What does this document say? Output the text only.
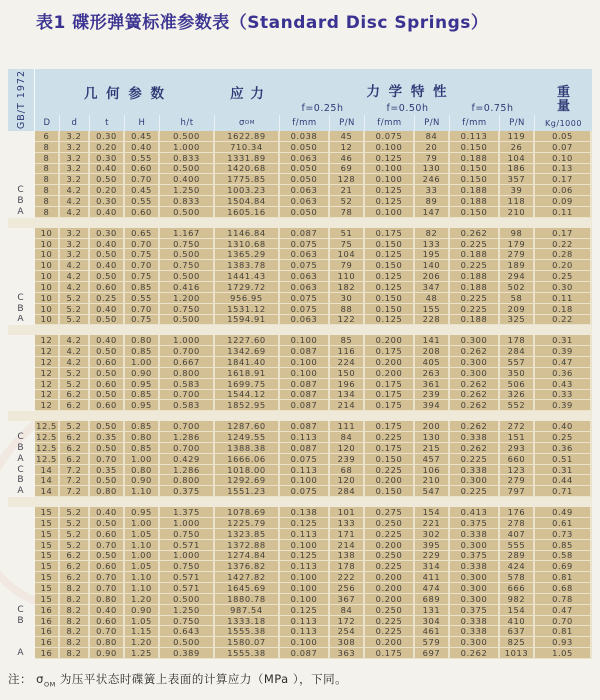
表1 碟形弹簧标准参数表（Standard Disc Springs）
GB/T 1972	几 何 参 数	应 力	力 学 特 性	重
量
f=0.25h	f=0.50h	f=0.75h
D	d	t	H	h/t	σ OM	f/mm	P/N	f/mm	P/N	f/mm	P/N	Kg/1000
6	3.2	0.30	0.45	0.500	1622.89	0.038	45	0.075	84	0.113	119	0.05
8	3.2	0.20	0.40	1.000	710.34	0.050	12	0.100	20	0.150	26	0.07
8	3.2	0.30	0.55	0.833	1331.89	0.063	46	0.125	79	0.188	104	0.10
8	3.2	0.40	0.60	0.500	1420.68	0.050	69	0.100	130	0.150	186	0.13
8	3.2	0.50	0.70	0.400	1775.85	0.050	128	0.100	246	0.150	357	0.17
C	8	4.2	0.20	0.45	1.250	1003.23	0.063	21	0.125	33	0.188	39	0.06
B	8	4.2	0.30	0.55	0.833	1504.84	0.063	52	0.125	89	0.188	118	0.09
A	8	4.2	0.40	0.60	0.500	1605.16	0.050	78	0.100	147	0.150	210	0.11
10	3.2	0.30	0.65	1.167	1146.84	0.087	51	0.175	82	0.262	98	0.17
10	3.2	0.40	0.70	0.750	1310.68	0.075	75	0.150	133	0.225	179	0.22
10	3.2	0.50	0.75	0.500	1365.29	0.063	104	0.125	195	0.188	279	0.28
10	4.2	0.40	0.70	0.750	1383.78	0.075	79	0.150	140	0.225	189	0.20
10	4.2	0.50	0.75	0.500	1441.43	0.063	110	0.125	206	0.188	294	0.25
10	4.2	0.60	0.85	0.416	1729.72	0.063	182	0.125	347	0.188	502	0.30
C	10	5.2	0.25	0.55	1.200	956.95	0.075	30	0.150	48	0.225	58	0.11
B	10	5.2	0.40	0.70	0.750	1531.12	0.075	88	0.150	155	0.225	209	0.18
A	10	5.2	0.50	0.75	0.500	1594.91	0.063	122	0.125	228	0.188	325	0.22
12	4.2	0.40	0.80	1.000	1227.60	0.100	85	0.200	141	0.300	178	0.31
12	4.2	0.50	0.85	0.700	1342.69	0.087	116	0.175	208	0.262	284	0.39
12	4.2	0.60	1.00	0.667	1841.40	0.100	224	0.200	405	0.300	557	0.47
12	5.2	0.50	0.90	0.800	1618.91	0.100	150	0.200	263	0.300	350	0.36
12	5.2	0.60	0.95	0.583	1699.75	0.087	196	0.175	361	0.262	506	0.43
12	6.2	0.50	0.85	0.700	1544.12	0.087	134	0.175	239	0.262	326	0.33
12	6.2	0.60	0.95	0.583	1852.95	0.087	214	0.175	394	0.262	552	0.39
12.5	5.2	0.50	0.85	0.700	1287.60	0.087	111	0.175	200	0.262	272	0.40
C	12.5	6.2	0.35	0.80	1.286	1249.55	0.113	84	0.225	130	0.338	151	0.25
B	12.5	6.2	0.50	0.85	0.700	1388.38	0.087	120	0.175	215	0.262	293	0.36
A	12.5	6.2	0.70	1.00	0.429	1666.06	0.075	239	0.150	457	0.225	660	0.51
C	14	7.2	0.35	0.80	1.286	1018.00	0.113	68	0.225	106	0.338	123	0.31
B	14	7.2	0.50	0.90	0.800	1292.69	0.100	120	0.200	210	0.300	279	0.44
A	14	7.2	0.80	1.10	0.375	1551.23	0.075	284	0.150	547	0.225	797	0.71
15	5.2	0.40	0.95	1.375	1078.69	0.138	101	0.275	154	0.413	176	0.49
15	5.2	0.50	1.00	1.000	1225.79	0.125	133	0.250	221	0.375	278	0.61
15	5.2	0.60	1.05	0.750	1323.85	0.113	171	0.225	302	0.338	407	0.73
15	5.2	0.70	1.10	0.571	1372.88	0.100	214	0.200	395	0.300	555	0.85
15	6.2	0.50	1.00	1.000	1274.84	0.125	138	0.250	229	0.375	289	0.58
15	6.2	0.60	1.05	0.750	1376.82	0.113	178	0.225	314	0.338	424	0.69
15	6.2	0.70	1.10	0.571	1427.82	0.100	222	0.200	411	0.300	578	0.81
15	8.2	0.70	1.10	0.571	1645.69	0.100	256	0.200	474	0.300	666	0.68
15	8.2	0.80	1.20	0.500	1880.78	0.100	367	0.200	689	0.300	982	0.78
C	16	8.2	0.40	0.90	1.250	987.54	0.125	84	0.250	131	0.375	154	0.47
B	16	8.2	0.60	1.05	0.750	1333.18	0.113	172	0.225	304	0.338	410	0.70
16	8.2	0.70	1.15	0.643	1555.38	0.113	254	0.225	461	0.338	637	0.81
16	8.2	0.80	1.20	0.500	1580.07	0.100	308	0.200	579	0.300	825	0.93
A	16	8.2	0.90	1.25	0.389	1555.38	0.087	363	0.175	697	0.262	1013	1.05
注： $\sigma_{OM}$ 为压平状态时碟簧上表面的计算应力（MPa ），下同。
